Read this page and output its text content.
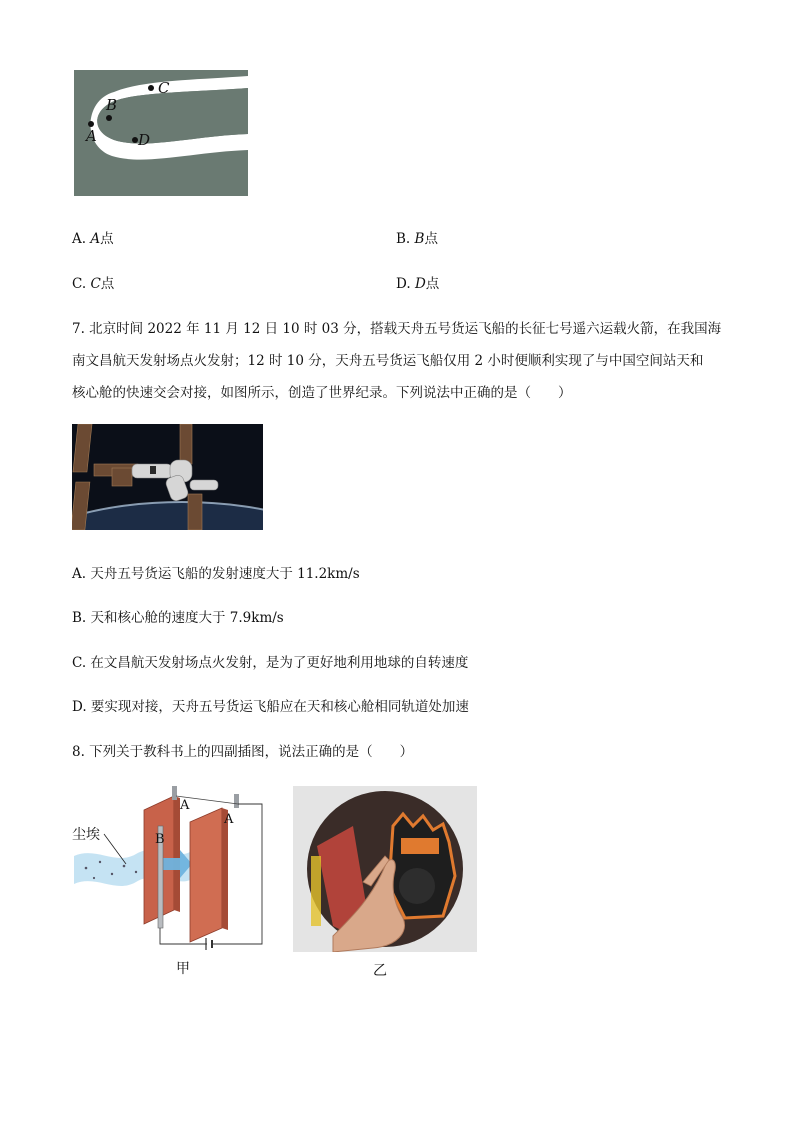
A
B
C
D
A. A点	B. B点
C. C点	D. D点
7. 北京时间 2022 年 11 月 12 日 10 时 03 分，搭载天舟五号货运飞船的长征七号遥六运载火箭，在我国海
南文昌航天发射场点火发射；12 时 10 分，天舟五号货运飞船仅用 2 小时便顺利实现了与中国空间站天和
核心舱的快速交会对接，如图所示，创造了世界纪录。下列说法中正确的是（　　）
A. 天舟五号货运飞船的发射速度大于 11.2km/s
B. 天和核心舱的速度大于 7.9km/s
C. 在文昌航天发射场点火发射，是为了更好地利用地球的自转速度
D. 要实现对接，天舟五号货运飞船应在天和核心舱相同轨道处加速
8. 下列关于教科书上的四副插图，说法正确的是（　　）
尘埃
A
A
B
甲	乙
